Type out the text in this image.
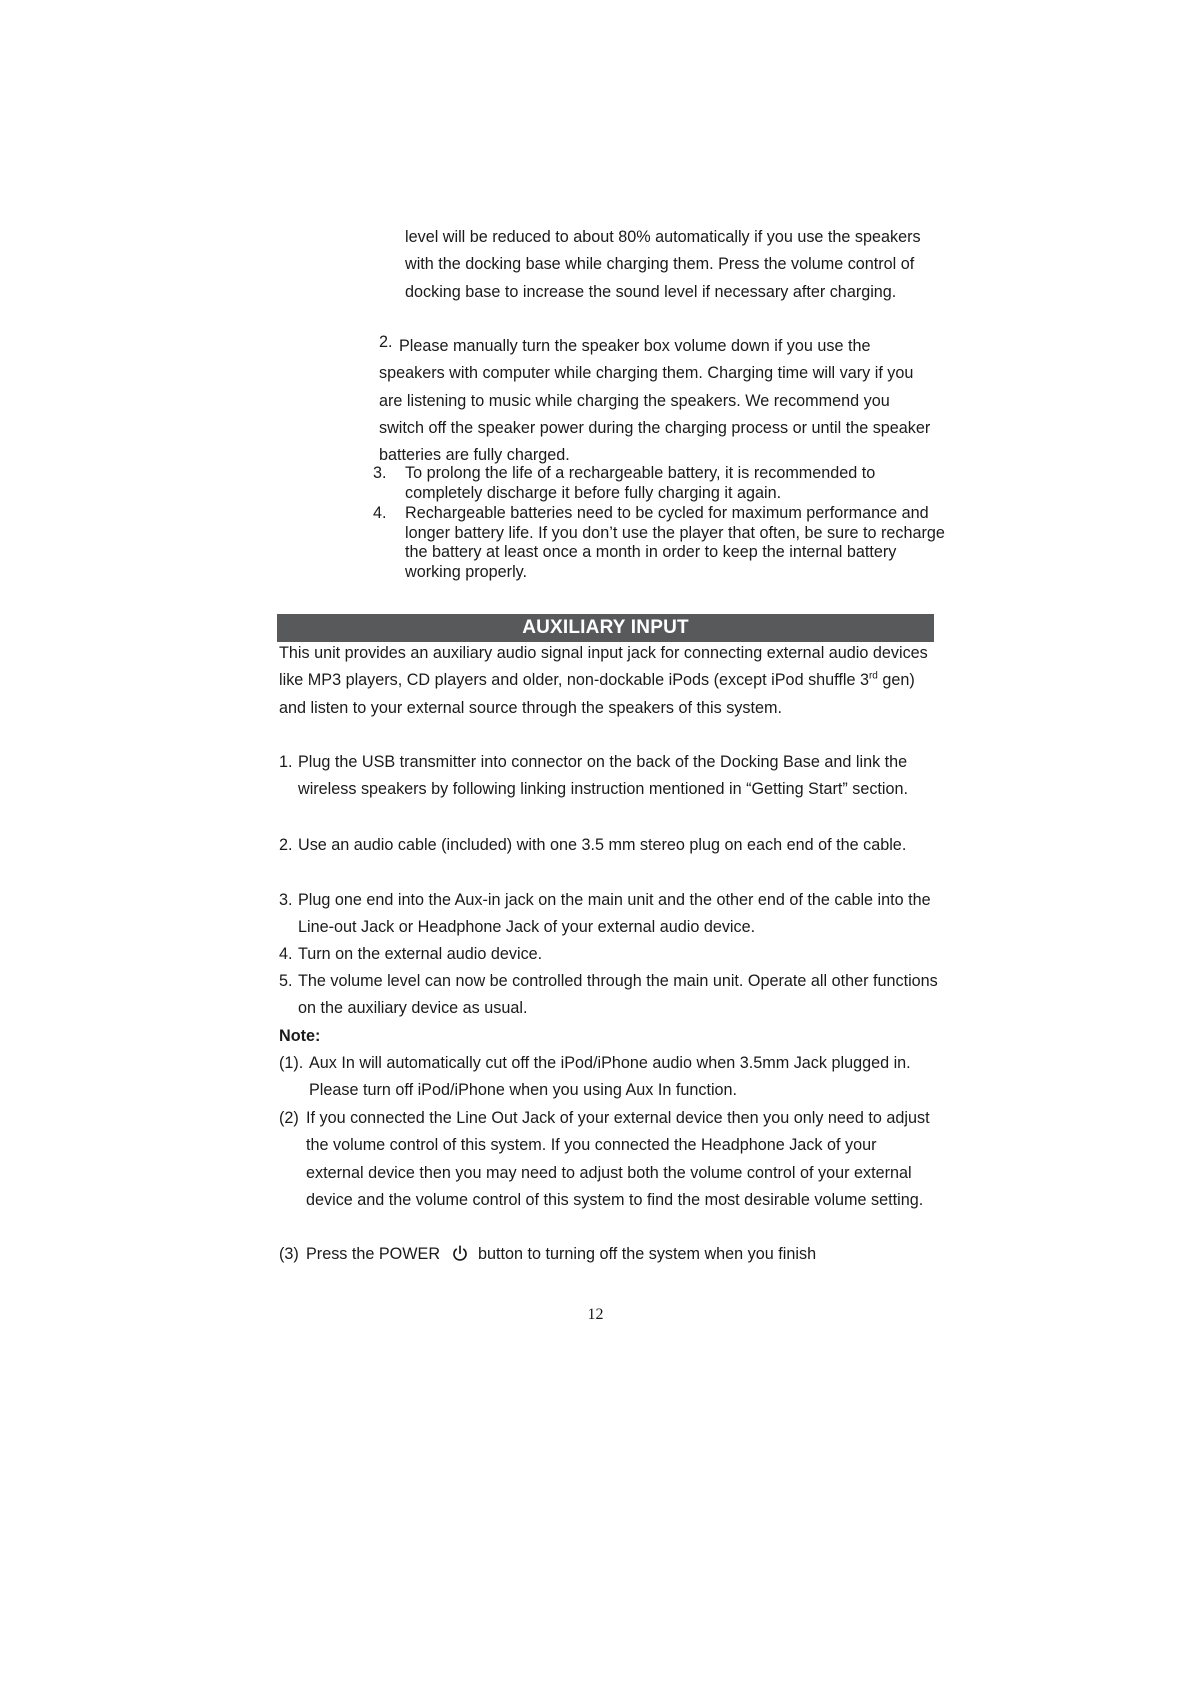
level will be reduced to about 80% automatically if you use the speakers with the docking base while charging them. Press the volume control of docking base to increase the sound level if necessary after charging.

2. Please manually turn the speaker box volume down if you use the speakers with computer while charging them. Charging time will vary if you are listening to music while charging the speakers. We recommend you switch off the speaker power during the charging process or until the speaker batteries are fully charged.

3. To prolong the life of a rechargeable battery, it is recommended to completely discharge it before fully charging it again.

4. Rechargeable batteries need to be cycled for maximum performance and longer battery life. If you don’t use the player that often, be sure to recharge the battery at least once a month in order to keep the internal battery working properly.

AUXILIARY INPUT

This unit provides an auxiliary audio signal input jack for connecting external audio devices like MP3 players, CD players and older, non-dockable iPods (except iPod shuffle 3rd gen) and listen to your external source through the speakers of this system.

1. Plug the USB transmitter into connector on the back of the Docking Base and link the wireless speakers by following linking instruction mentioned in “Getting Start” section.

2. Use an audio cable (included) with one 3.5 mm stereo plug on each end of the cable.

3. Plug one end into the Aux-in jack on the main unit and the other end of the cable into the Line-out Jack or Headphone Jack of your external audio device.

4. Turn on the external audio device.

5. The volume level can now be controlled through the main unit. Operate all other functions on the auxiliary device as usual.

Note:
(1). Aux In will automatically cut off the iPod/iPhone audio when 3.5mm Jack plugged in. Please turn off iPod/iPhone when you using Aux In function.

(2) If you connected the Line Out Jack of your external device then you only need to adjust the volume control of this system. If you connected the Headphone Jack of your external device then you may need to adjust both the volume control of your external device and the volume control of this system to find the most desirable volume setting.

(3) Press the POWER button to turning off the system when you finish

12
